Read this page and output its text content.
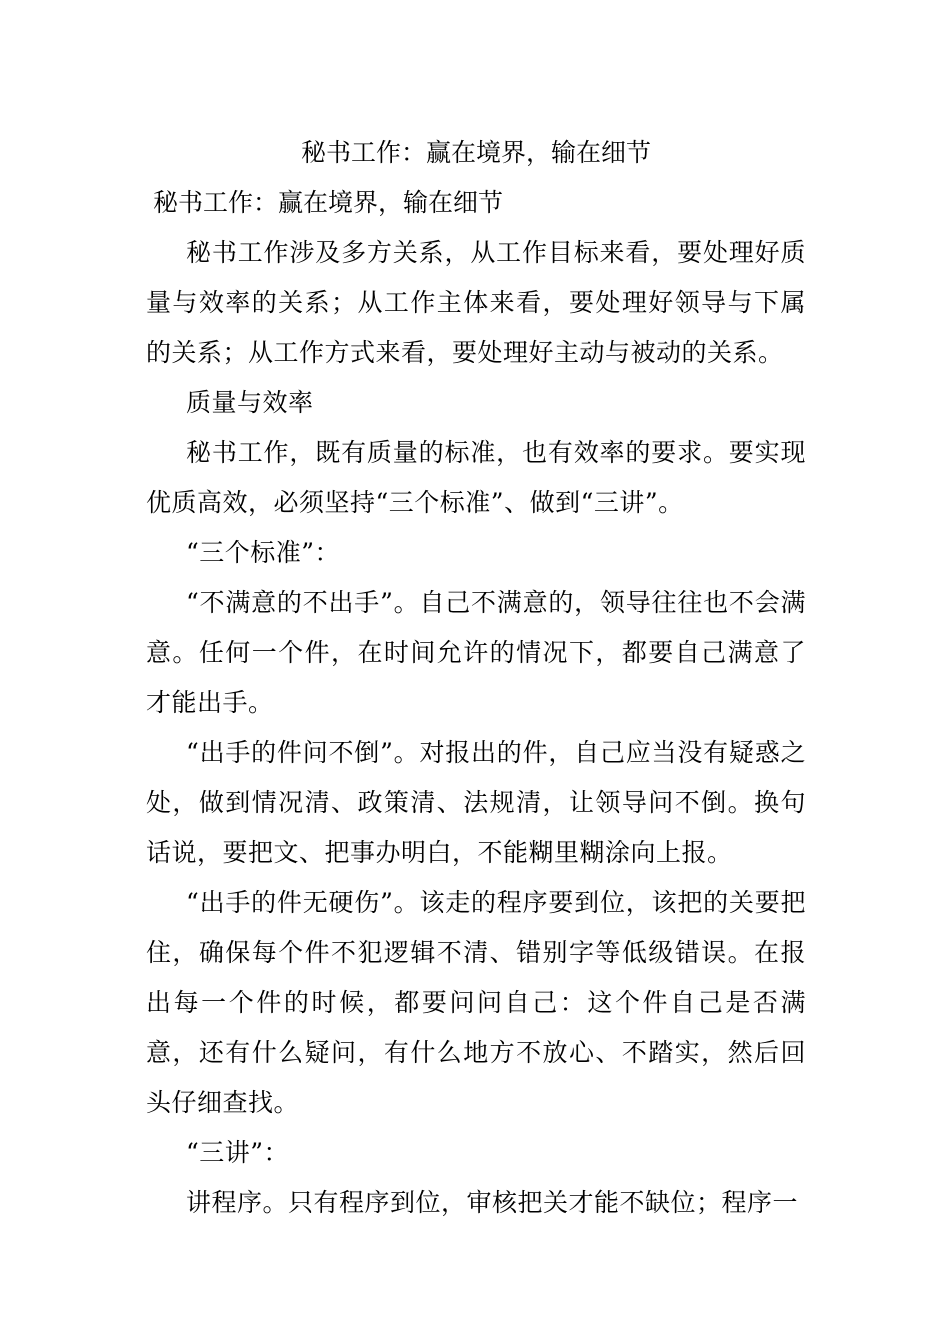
秘书工作：赢在境界，输在细节

秘书工作：赢在境界，输在细节

秘书工作涉及多方关系，从工作目标来看，要处理好质量与效率的关系；从工作主体来看，要处理好领导与下属的关系；从工作方式来看，要处理好主动与被动的关系。

质量与效率

秘书工作，既有质量的标准，也有效率的要求。要实现优质高效，必须坚持“三个标准”、做到“三讲”。

“三个标准”：

“不满意的不出手”。自己不满意的，领导往往也不会满意。任何一个件，在时间允许的情况下，都要自己满意了才能出手。

“出手的件问不倒”。对报出的件，自己应当没有疑惑之处，做到情况清、政策清、法规清，让领导问不倒。换句话说，要把文、把事办明白，不能糊里糊涂向上报。

“出手的件无硬伤”。该走的程序要到位，该把的关要把住，确保每个件不犯逻辑不清、错别字等低级错误。在报出每一个件的时候，都要问问自己：这个件自己是否满意，还有什么疑问，有什么地方不放心、不踏实，然后回头仔细查找。

“三讲”：

讲程序。只有程序到位，审核把关才能不缺位；程序一
